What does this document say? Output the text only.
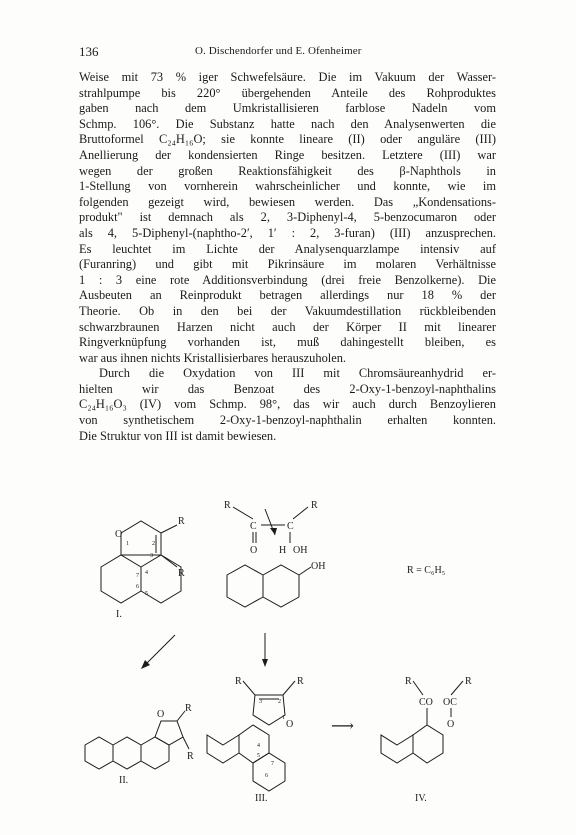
136	O. Dischendorfer und E. Ofenheimer
Weise mit 73 % iger Schwefelsäure. Die im Vakuum der Wasser-
strahlpumpe bis 220° übergehenden Anteile des Rohproduktes
gaben nach dem Umkristallisieren farblose Nadeln vom
Schmp. 106°. Die Substanz hatte nach den Analysenwerten die
Bruttoformel C₂₄H₁₆O; sie konnte lineare (II) oder anguläre (III)
Anellierung der kondensierten Ringe besitzen. Letztere (III) war
wegen der großen Reaktionsfähigkeit des β-Naphthols in
1-Stellung von vornherein wahrscheinlicher und konnte, wie im
folgenden gezeigt wird, bewiesen werden. Das „Kondensations-
produkt" ist demnach als 2, 3-Diphenyl-4, 5-benzocumaron oder
als 4, 5-Diphenyl-(naphtho-2′, 1′ : 2, 3-furan) (III) anzusprechen.
Es leuchtet im Lichte der Analysenquarzlampe intensiv auf
(Furanring) und gibt mit Pikrinsäure im molaren Verhältnisse
1 : 3 eine rote Additionsverbindung (drei freie Benzolkerne). Die
Ausbeuten an Reinprodukt betragen allerdings nur 18 % der
Theorie. Ob in den bei der Vakuumdestillation rückbleibenden
schwarzbraunen Harzen nicht auch der Körper II mit linearer
Ringverknüpfung vorhanden ist, muß dahingestellt bleiben, es
war aus ihnen nichts Kristallisierbares herauszuholen.
Durch die Oxydation von III mit Chromsäureanhydrid er-
hielten wir das Benzoat des 2-Oxy-1-benzoyl-naphthalins
C₂₄H₁₆O₃ (IV) vom Schmp. 98°, das wir auch durch Benzoylieren
von synthetischem 2-Oxy-1-benzoyl-naphthalin erhalten konnten.
Die Struktur von III ist damit bewiesen.
O
R
R
1	2
3
4
5
6
7
I.
R	R
C	C
O H OH
OH	R = C₆H₅
O
R
R
II.
R	R
O
3	2
1
4
5
7
6
III.
⟶
R	R
CO OC
O
IV.
